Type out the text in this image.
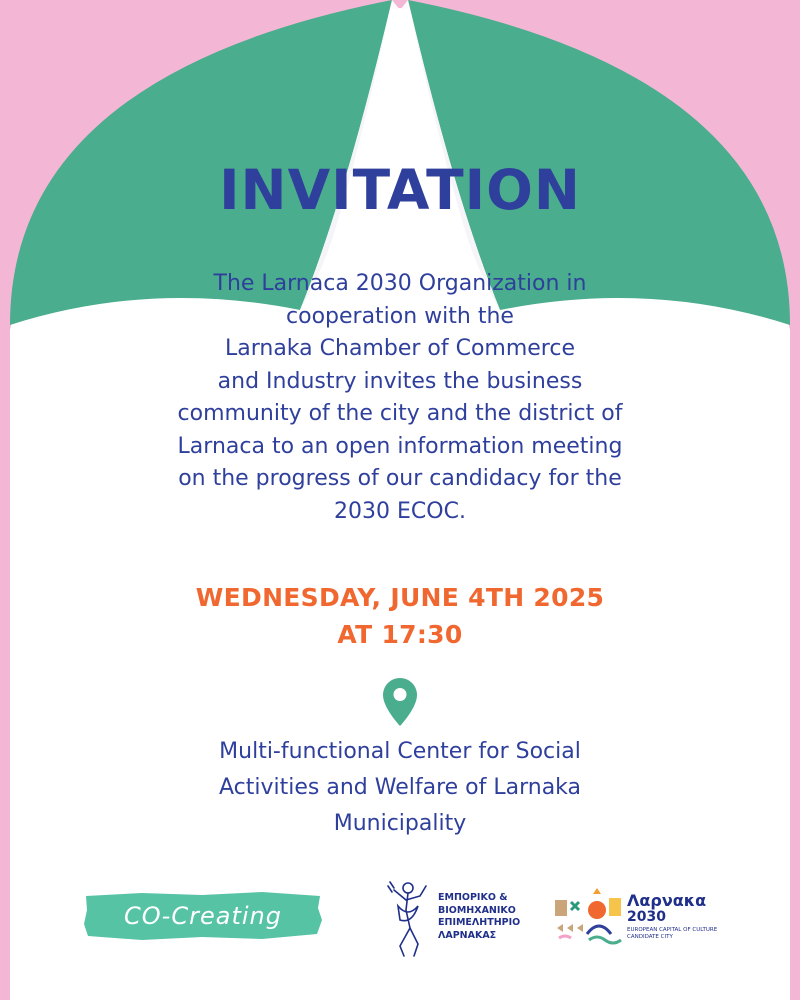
INVITATION
The Larnaca 2030 Organization in
cooperation with the
Larnaka Chamber of Commerce
and Industry invites the business
community of the city and the district of
Larnaca to an open information meeting
on the progress of our candidacy for the
2030 ECOC.
WEDNESDAY, JUNE 4TH 2025
AT 17:30
Multi-functional Center for Social
Activities and Welfare of Larnaka
Municipality
CO-Creating
ΕΜΠΟΡΙΚΟ &
ΒΙΟΜΗΧΑΝΙΚΟ
ΕΠΙΜΕΛΗΤΗΡΙΟ
ΛΑΡΝΑΚΑΣ
Λαρνακα
2030
EUROPEAN CAPITAL OF CULTURE
CANDIDATE CITY
